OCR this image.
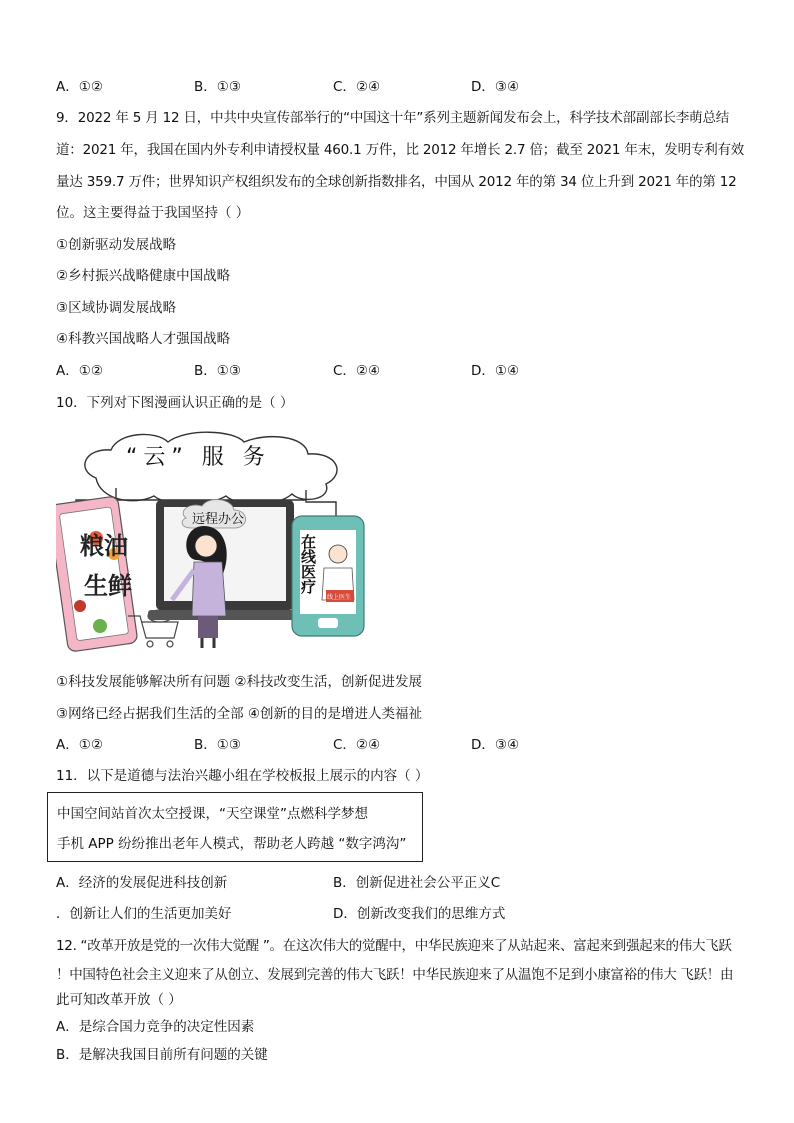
A．①②	B．①③	C．②④	D．③④
9．2022 年 5 月 12 日，中共中央宣传部举行的“中国这十年”系列主题新闻发布会上，科学技术部副部长李萌总结
道：2021 年，我国在国内外专利申请授权量 460.1 万件，比 2012 年增长 2.7 倍；截至 2021 年末，发明专利有效
量达 359.7 万件；世界知识产权组织发布的全球创新指数排名，中国从 2012 年的第 34 位上升到 2021 年的第 12
位。这主要得益于我国坚持（ ）
①创新驱动发展战略
②乡村振兴战略健康中国战略
③区域协调发展战略
④科教兴国战略人才强国战略
A．①②	B．①③	C．②④	D．①④
10．下列对下图漫画认识正确的是（ ）
“云” 服 务
粮油
生鲜
远程办公
在线医疗
线上医生
①科技发展能够解决所有问题 ②科技改变生活，创新促进发展
③网络已经占据我们生活的全部 ④创新的目的是增进人类福祉
A．①②	B．①③	C．②④	D．③④
11．以下是道德与法治兴趣小组在学校板报上展示的内容（ ）
中国空间站首次太空授课，“天空课堂”点燃科学梦想
手机 APP 纷纷推出老年人模式，帮助老人跨越 “数字鸿沟”
A．经济的发展促进科技创新	B．创新促进社会公平正义C
．创新让人们的生活更加美好	D．创新改变我们的思维方式
12. “改革开放是党的一次伟大觉醒 ”。在这次伟大的觉醒中，中华民族迎来了从站起来、富起来到强起来的伟大飞跃
！中国特色社会主义迎来了从创立、发展到完善的伟大飞跃！中华民族迎来了从温饱不足到小康富裕的伟大 飞跃！由
此可知改革开放（ ）
A．是综合国力竞争的决定性因素
B．是解决我国目前所有问题的关键
